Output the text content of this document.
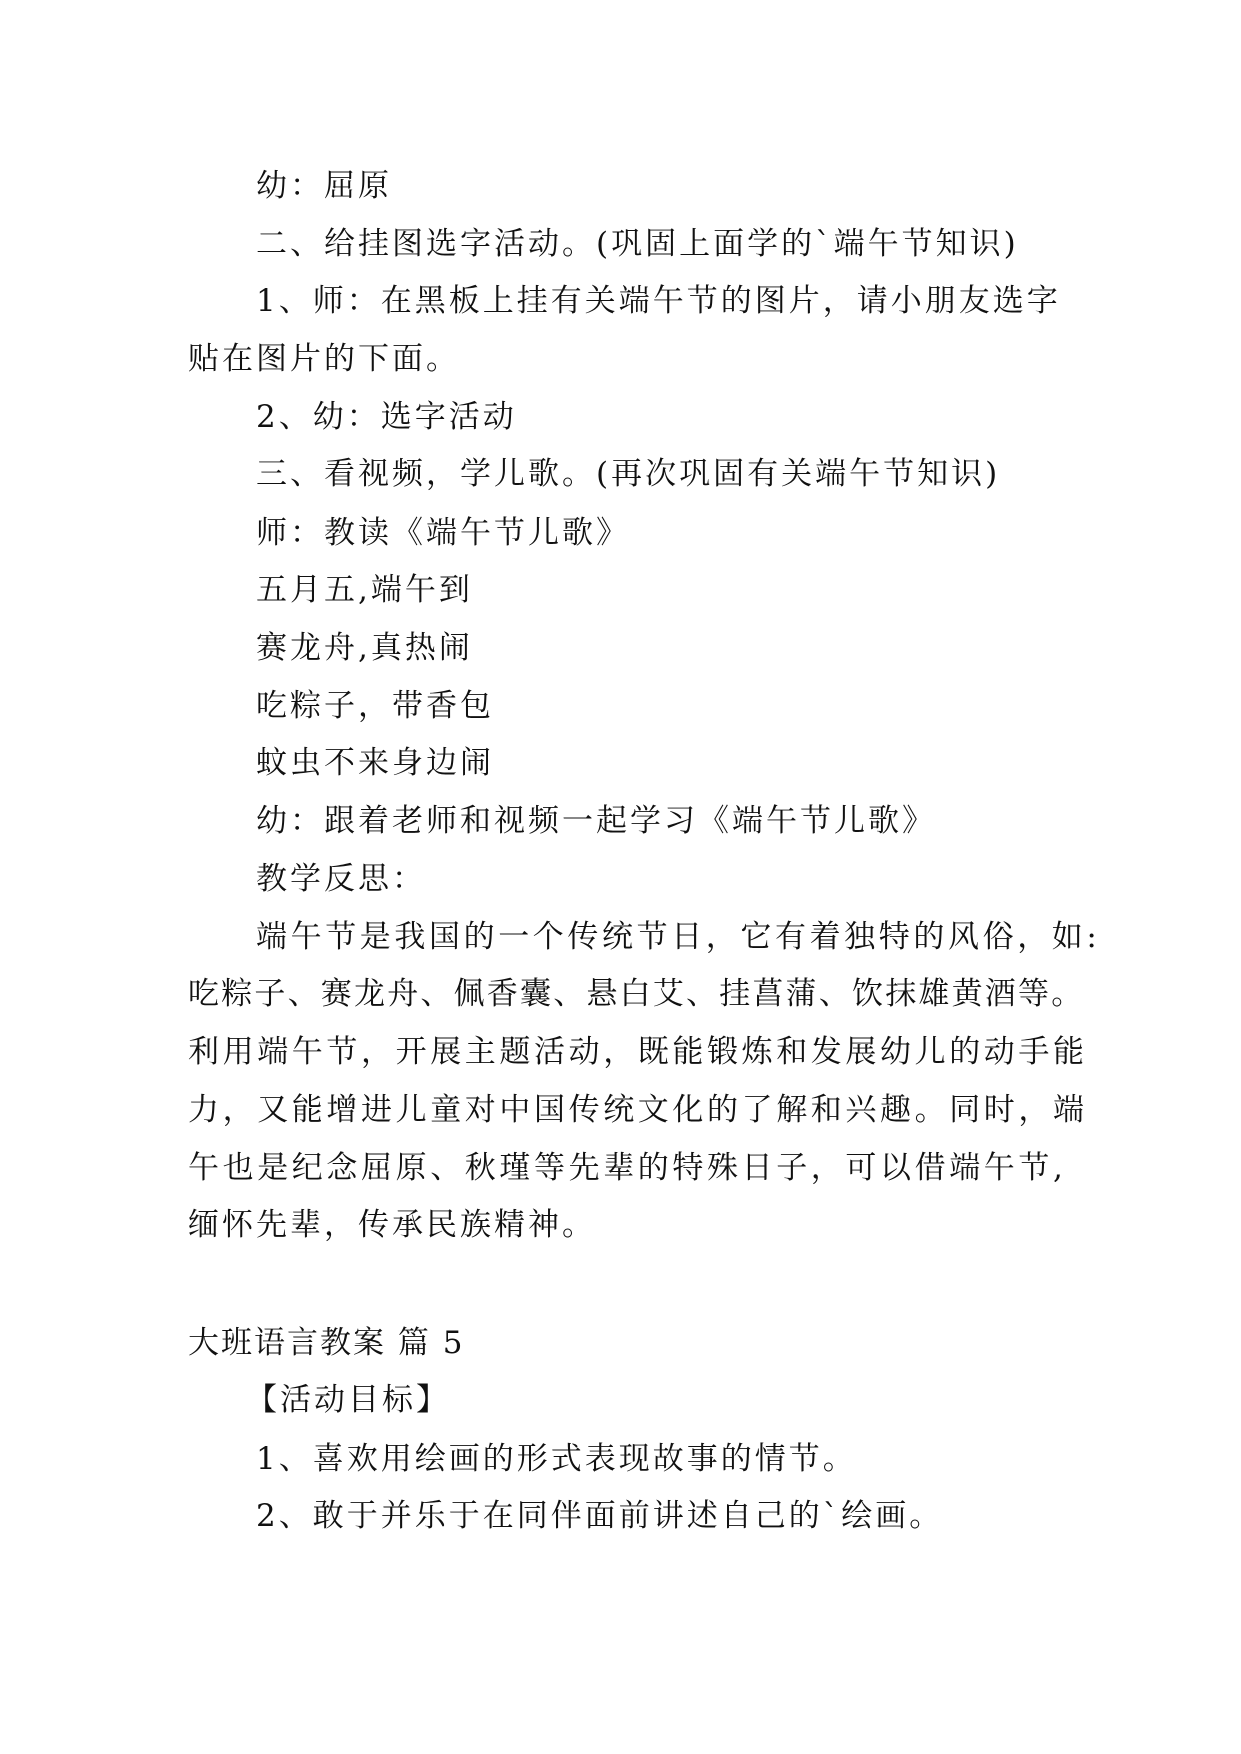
幼：屈原
二、给挂图选字活动。(巩固上面学的`端午节知识)
1、师：在黑板上挂有关端午节的图片，请小朋友选字
贴在图片的下面。
2、幼：选字活动
三、看视频，学儿歌。(再次巩固有关端午节知识)
师：教读《端午节儿歌》
五月五,端午到
赛龙舟,真热闹
吃粽子，带香包
蚊虫不来身边闹
幼：跟着老师和视频一起学习《端午节儿歌》
教学反思：
端午节是我国的一个传统节日，它有着独特的风俗，如:
吃粽子、赛龙舟、佩香囊、悬白艾、挂菖蒲、饮抹雄黄酒等。
利用端午节，开展主题活动，既能锻炼和发展幼儿的动手能
力，又能增进儿童对中国传统文化的了解和兴趣。同时，端
午也是纪念屈原、秋瑾等先辈的特殊日子，可以借端午节,
缅怀先辈，传承民族精神。
大班语言教案 篇 5
【活动目标】
1、喜欢用绘画的形式表现故事的情节。
2、敢于并乐于在同伴面前讲述自己的`绘画。
